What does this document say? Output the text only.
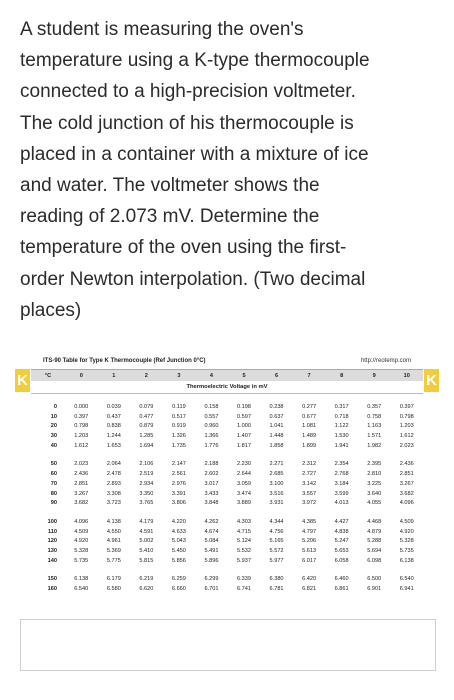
A student is measuring the oven's
temperature using a K-type thermocouple
connected to a high-precision voltmeter.
The cold junction of his thermocouple is
placed in a container with a mixture of ice
and water. The voltmeter shows the
reading of 2.073 mV. Determine the
temperature of the oven using the first-
order Newton interpolation. (Two decimal
places)
K	K
ITS-90 Table for Type K Thermocouple (Ref Junction 0°C)	http://reotemp.com
°C	0	1	2	3	4	5	6	7	8	9	10
Thermoelectric Voltage in mV
0	0.000	0.039	0.079	0.119	0.158	0.198	0.238	0.277	0.317	0.357	0.397
10	0.397	0.437	0.477	0.517	0.557	0.597	0.637	0.677	0.718	0.758	0.798
20	0.798	0.838	0.879	0.919	0.960	1.000	1.041	1.081	1.122	1.163	1.203
30	1.203	1.244	1.285	1.326	1.366	1.407	1.448	1.489	1.530	1.571	1.612
40	1.612	1.653	1.694	1.735	1.776	1.817	1.858	1.899	1.941	1.982	2.023
50	2.023	2.064	2.106	2.147	2.188	2.230	2.271	2.312	2.354	2.395	2.436
60	2.436	2.478	2.519	2.561	2.602	2.644	2.685	2.727	2.768	2.810	2.851
70	2.851	2.893	2.934	2.976	3.017	3.059	3.100	3.142	3.184	3.225	3.267
80	3.267	3.308	3.350	3.391	3.433	3.474	3.516	3.557	3.599	3.640	3.682
90	3.682	3.723	3.765	3.806	3.848	3.889	3.931	3.972	4.013	4.055	4.096
100	4.096	4.138	4.179	4.220	4.262	4.303	4.344	4.385	4.427	4.468	4.509
110	4.509	4.550	4.591	4.633	4.674	4.715	4.756	4.797	4.838	4.879	4.920
120	4.920	4.961	5.002	5.043	5.084	5.124	5.165	5.206	5.247	5.288	5.328
130	5.328	5.369	5.410	5.450	5.491	5.532	5.572	5.613	5.653	5.694	5.735
140	5.735	5.775	5.815	5.856	5.896	5.937	5.977	6.017	6.058	6.098	6.138
150	6.138	6.179	6.219	6.259	6.299	6.339	6.380	6.420	6.460	6.500	6.540
160	6.540	6.580	6.620	6.660	6.701	6.741	6.781	6.821	6.861	6.901	6.941
